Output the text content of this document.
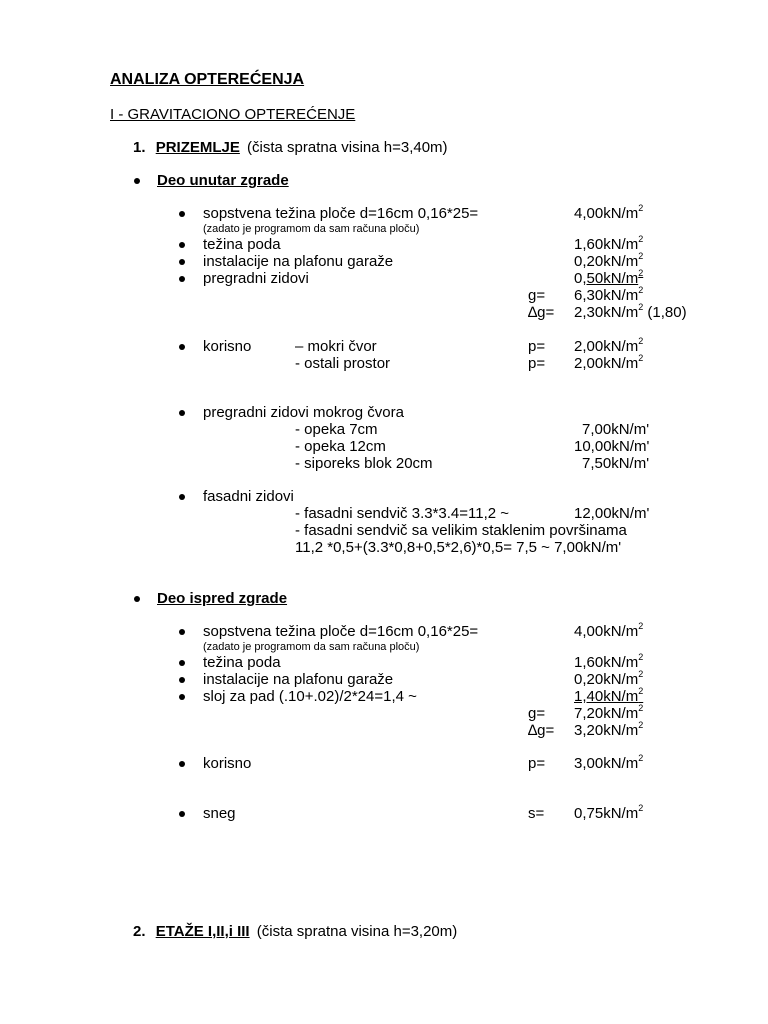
ANALIZA OPTEREĆENJA
I - GRAVITACIONO OPTEREĆENJE
1. PRIZEMLJE (čista spratna visina h=3,40m)
Deo unutar zgrade
sopstvena težina ploče d=16cm 0,16*25=	$4,00kN/m^2$
(zadato je programom da sam računa ploču)
težina poda	$1,60kN/m^2$
instalacije na plafonu garaže	$0,20kN/m^2$
pregradni zidovi	$0,50kN/m^2$
$g= 6,30kN/m^2$
$\Delta g= 2,30kN/m^2$ (1,80)
korisno	– mokri čvor	$p= 2,00kN/m^2$
- ostali prostor	$p= 2,00kN/m^2$
pregradni zidovi mokrog čvora
- opeka 7cm	7,00kN/m'
- opeka 12cm	10,00kN/m'
- siporeks blok 20cm	7,50kN/m'
fasadni zidovi
- fasadni sendvič 3.3*3.4=11,2 ~	12,00kN/m'
- fasadni sendvič sa velikim staklenim površinama
11,2 *0,5+(3.3*0,8+0,5*2,6)*0,5= 7,5 ~ 7,00kN/m'
Deo ispred zgrade
sopstvena težina ploče d=16cm 0,16*25=	$4,00kN/m^2$
(zadato je programom da sam računa ploču)
težina poda	$1,60kN/m^2$
instalacije na plafonu garaže	$0,20kN/m^2$
sloj za pad (.10+.02)/2*24=1,4 ~	$1,40kN/m^2$
$g= 7,20kN/m^2$
$\Delta g= 3,20kN/m^2$
korisno	$p= 3,00kN/m^2$
sneg	$s= 0,75kN/m^2$
2. ETAŽE I,II,i III (čista spratna visina h=3,20m)
